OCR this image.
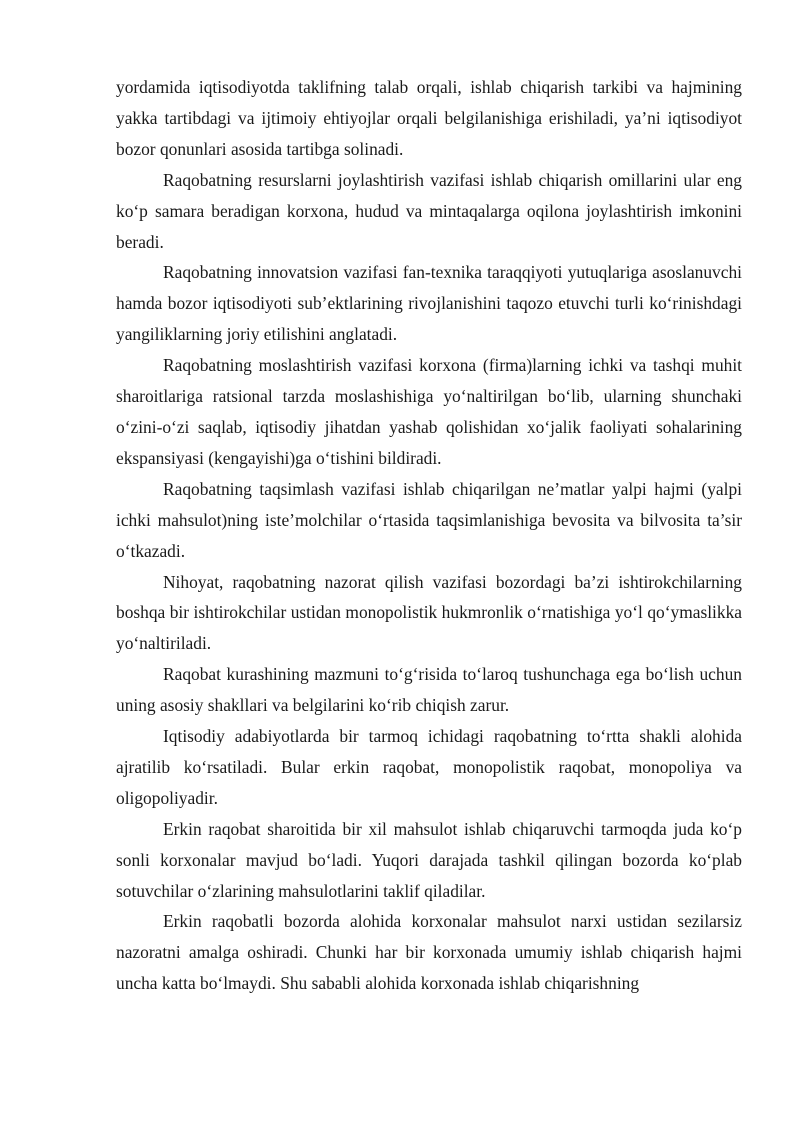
yordamida iqtisodiyotda taklifning talab orqali, ishlab chiqarish tarkibi va hajmining yakka tartibdagi va ijtimoiy ehtiyojlar orqali belgilanishiga erishiladi, ya’ni iqtisodiyot bozor qonunlari asosida tartibga solinadi.

Raqobatning resurslarni joylashtirish vazifasi ishlab chiqarish omillarini ular eng ko‘p samara beradigan korxona, hudud va mintaqalarga oqilona joylashtirish imkonini beradi.

Raqobatning innovatsion vazifasi fan-texnika taraqqiyoti yutuqlariga asoslanuvchi hamda bozor iqtisodiyoti sub’ektlarining rivojlanishini taqozo etuvchi turli ko‘rinishdagi yangiliklarning joriy etilishini anglatadi.

Raqobatning moslashtirish vazifasi korxona (firma)larning ichki va tashqi muhit sharoitlariga ratsional tarzda moslashishiga yo‘naltirilgan bo‘lib, ularning shunchaki o‘zini-o‘zi saqlab, iqtisodiy jihatdan yashab qolishidan xo‘jalik faoliyati sohalarining ekspansiyasi (kengayishi)ga o‘tishini bildiradi.

Raqobatning taqsimlash vazifasi ishlab chiqarilgan ne’matlar yalpi hajmi (yalpi ichki mahsulot)ning iste’molchilar o‘rtasida taqsimlanishiga bevosita va bilvosita ta’sir o‘tkazadi.

Nihoyat, raqobatning nazorat qilish vazifasi bozordagi ba’zi ishtirokchilarning boshqa bir ishtirokchilar ustidan monopolistik hukmronlik o‘rnatishiga yo‘l qo‘ymaslikka yo‘naltiriladi.

Raqobat kurashining mazmuni to‘g‘risida to‘laroq tushunchaga ega bo‘lish uchun uning asosiy shakllari va belgilarini ko‘rib chiqish zarur.

Iqtisodiy adabiyotlarda bir tarmoq ichidagi raqobatning to‘rtta shakli alohida ajratilib ko‘rsatiladi. Bular erkin raqobat, monopolistik raqobat, monopoliya va oligopoliyadir.

Erkin raqobat sharoitida bir xil mahsulot ishlab chiqaruvchi tarmoqda juda ko‘p sonli korxonalar mavjud bo‘ladi. Yuqori darajada tashkil qilingan bozorda ko‘plab sotuvchilar o‘zlarining mahsulotlarini taklif qiladilar.

Erkin raqobatli bozorda alohida korxonalar mahsulot narxi ustidan sezilarsiz nazoratni amalga oshiradi. Chunki har bir korxonada umumiy ishlab chiqarish hajmi uncha katta bo‘lmaydi. Shu sababli alohida korxonada ishlab chiqarishning
